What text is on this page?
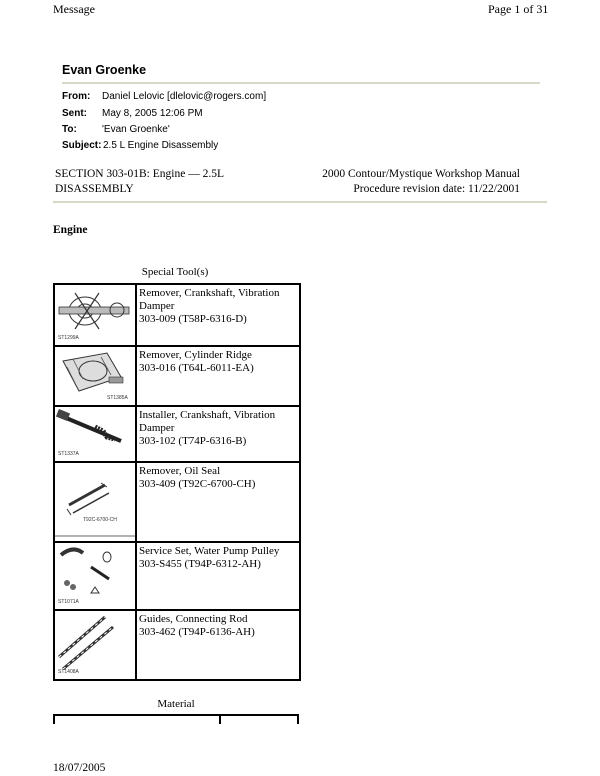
Message	Page 1 of 31
Evan Groenke
From: Daniel Lelovic [dlelovic@rogers.com]
Sent: May 8, 2005 12:06 PM
To:	'Evan Groenke'
Subject: 2.5 L Engine Disassembly
SECTION 303-01B: Engine — 2.5L
DISASSEMBLY
2000 Contour/Mystique Workshop Manual
Procedure revision date: 11/22/2001
Engine
Special Tool(s)
ST1299A	Remover, Crankshaft, Vibration Damper
303-009 (T58P-6316-D)

ST1385A	Remover, Cylinder Ridge
303-016 (T64L-6011-EA)

ST1337A	Installer, Crankshaft, Vibration Damper
303-102 (T74P-6316-B)

T92C-6700-CH	Remover, Oil Seal
303-409 (T92C-6700-CH)

ST1071A	Service Set, Water Pump Pulley
303-S455 (T94P-6312-AH)

ST1408A	Guides, Connecting Rod
303-462 (T94P-6136-AH)
Material
18/07/2005
